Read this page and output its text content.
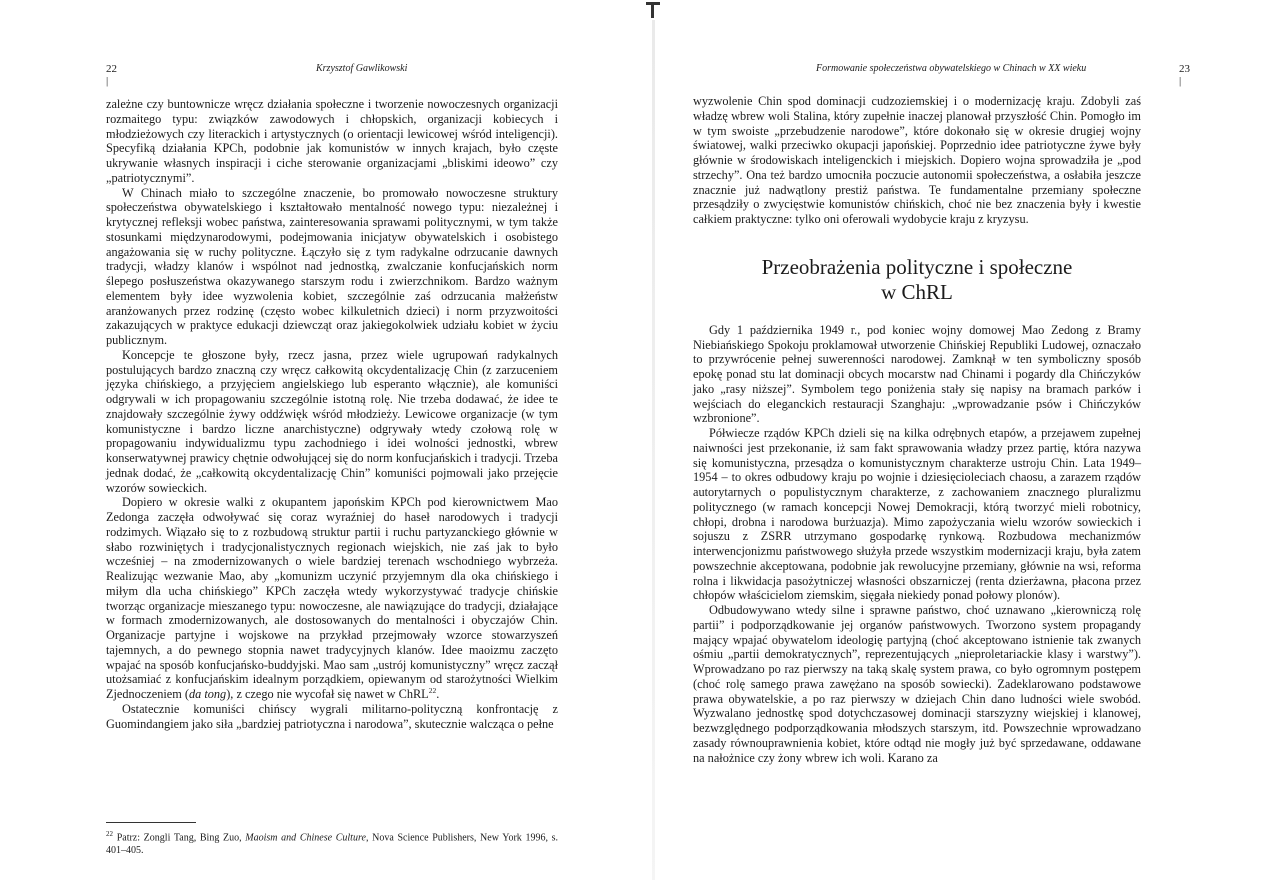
22 |
Krzysztof Gawlikowski

zależne czy buntownicze wręcz działania społeczne i tworzenie nowoczesnych organizacji rozmaitego typu: związków zawodowych i chłopskich, organizacji kobiecych i młodzieżowych czy literackich i artystycznych (o orientacji lewicowej wśród inteligencji). Specyfiką działania KPCh, podobnie jak komunistów w innych krajach, było częste ukrywanie własnych inspiracji i ciche sterowanie organizacjami „bliskimi ideowo” czy „patriotycznymi”.

W Chinach miało to szczególne znaczenie, bo promowało nowoczesne struktury społeczeństwa obywatelskiego i kształtowało mentalność nowego typu: niezależnej i krytycznej refleksji wobec państwa, zainteresowania sprawami politycznymi, w tym także stosunkami międzynarodowymi, podejmowania inicjatyw obywatelskich i osobistego angażowania się w ruchy polityczne. Łączyło się z tym radykalne odrzucanie dawnych tradycji, władzy klanów i wspólnot nad jednostką, zwalczanie konfucjańskich norm ślepego posłuszeństwa okazywanego starszym rodu i zwierzchnikom. Bardzo ważnym elementem były idee wyzwolenia kobiet, szczególnie zaś odrzucania małżeństw aranżowanych przez rodzinę (często wobec kilkuletnich dzieci) i norm przyzwoitości zakazujących w praktyce edukacji dziewcząt oraz jakiegokolwiek udziału kobiet w życiu publicznym.

Koncepcje te głoszone były, rzecz jasna, przez wiele ugrupowań radykalnych postulujących bardzo znaczną czy wręcz całkowitą okcydentalizację Chin (z zarzuceniem języka chińskiego, a przyjęciem angielskiego lub esperanto włącznie), ale komuniści odgrywali w ich propagowaniu szczególnie istotną rolę. Nie trzeba dodawać, że idee te znajdowały szczególnie żywy oddźwięk wśród młodzieży. Lewicowe organizacje (w tym komunistyczne i bardzo liczne anarchistyczne) odgrywały wtedy czołową rolę w propagowaniu indywidualizmu typu zachodniego i idei wolności jednostki, wbrew konserwatywnej prawicy chętnie odwołującej się do norm konfucjańskich i tradycji. Trzeba jednak dodać, że „całkowitą okcydentalizację Chin” komuniści pojmowali jako przejęcie wzorów sowieckich.

Dopiero w okresie walki z okupantem japońskim KPCh pod kierownictwem Mao Zedonga zaczęła odwoływać się coraz wyraźniej do haseł narodowych i tradycji rodzimych. Wiązało się to z rozbudową struktur partii i ruchu partyzanckiego głównie w słabo rozwiniętych i tradycjonalistycznych regionach wiejskich, nie zaś jak to było wcześniej – na zmodernizowanych o wiele bardziej terenach wschodniego wybrzeża. Realizując wezwanie Mao, aby „komunizm uczynić przyjemnym dla oka chińskiego i miłym dla ucha chińskiego” KPCh zaczęła wtedy wykorzystywać tradycje chińskie tworząc organizacje mieszanego typu: nowoczesne, ale nawiązujące do tradycji, działające w formach zmodernizowanych, ale dostosowanych do mentalności i obyczajów Chin. Organizacje partyjne i wojskowe na przykład przejmowały wzorce stowarzyszeń tajemnych, a do pewnego stopnia nawet tradycyjnych klanów. Idee maoizmu zaczęto wpajać na sposób konfucjańsko-buddyjski. Mao sam „ustrój komunistyczny” wręcz zaczął utożsamiać z konfucjańskim idealnym porządkiem, opiewanym od starożytności Wielkim Zjednoczeniem (da tong), z czego nie wycofał się nawet w ChRL$^{22}$.

Ostatecznie komuniści chińscy wygrali militarno-polityczną konfrontację z Guomindangiem jako siła „bardziej patriotyczna i narodowa”, skutecznie walcząca o pełne

$^{22}$ Patrz: Zongli Tang, Bing Zuo, Maoism and Chinese Culture, Nova Science Publishers, New York 1996, s. 401–405.
Formowanie społeczeństwa obywatelskiego w Chinach w XX wieku	23 |

wyzwolenie Chin spod dominacji cudzoziemskiej i o modernizację kraju. Zdobyli zaś władzę wbrew woli Stalina, który zupełnie inaczej planował przyszłość Chin. Pomogło im w tym swoiste „przebudzenie narodowe”, które dokonało się w okresie drugiej wojny światowej, walki przeciwko okupacji japońskiej. Poprzednio idee patriotyczne żywe były głównie w środowiskach inteligenckich i miejskich. Dopiero wojna sprowadziła je „pod strzechy”. Ona też bardzo umocniła poczucie autonomii społeczeństwa, a osłabiła jeszcze znacznie już nadwątlony prestiż państwa. Te fundamentalne przemiany społeczne przesądziły o zwycięstwie komunistów chińskich, choć nie bez znaczenia były i kwestie całkiem praktyczne: tylko oni oferowali wydobycie kraju z kryzysu.

Przeobrażenia polityczne i społeczne
w ChRL

Gdy 1 października 1949 r., pod koniec wojny domowej Mao Zedong z Bramy Niebiańskiego Spokoju proklamował utworzenie Chińskiej Republiki Ludowej, oznaczało to przywrócenie pełnej suwerenności narodowej. Zamknął w ten symboliczny sposób epokę ponad stu lat dominacji obcych mocarstw nad Chinami i pogardy dla Chińczyków jako „rasy niższej”. Symbolem tego poniżenia stały się napisy na bramach parków i wejściach do eleganckich restauracji Szanghaju: „wprowadzanie psów i Chińczyków wzbronione”.

Półwiecze rządów KPCh dzieli się na kilka odrębnych etapów, a przejawem zupełnej naiwności jest przekonanie, iż sam fakt sprawowania władzy przez partię, która nazywa się komunistyczna, przesądza o komunistycznym charakterze ustroju Chin. Lata 1949–1954 – to okres odbudowy kraju po wojnie i dziesięcioleciach chaosu, a zarazem rządów autorytarnych o populistycznym charakterze, z zachowaniem znacznego pluralizmu politycznego (w ramach koncepcji Nowej Demokracji, którą tworzyć mieli robotnicy, chłopi, drobna i narodowa burżuazja). Mimo zapożyczania wielu wzorów sowieckich i sojuszu z ZSRR utrzymano gospodarkę rynkową. Rozbudowa mechanizmów interwencjonizmu państwowego służyła przede wszystkim modernizacji kraju, była zatem powszechnie akceptowana, podobnie jak rewolucyjne przemiany, głównie na wsi, reforma rolna i likwidacja pasożytniczej własności obszarniczej (renta dzierżawna, płacona przez chłopów właścicielom ziemskim, sięgała niekiedy ponad połowy plonów).

Odbudowywano wtedy silne i sprawne państwo, choć uznawano „kierowniczą rolę partii” i podporządkowanie jej organów państwowych. Tworzono system propagandy mający wpajać obywatelom ideologię partyjną (choć akceptowano istnienie tak zwanych ośmiu „partii demokratycznych”, reprezentujących „nieproletariackie klasy i warstwy”). Wprowadzano po raz pierwszy na taką skalę system prawa, co było ogromnym postępem (choć rolę samego prawa zawężano na sposób sowiecki). Zadeklarowano podstawowe prawa obywatelskie, a po raz pierwszy w dziejach Chin dano ludności wiele swobód. Wyzwalano jednostkę spod dotychczasowej dominacji starszyzny wiejskiej i klanowej, bezwzględnego podporządkowania młodszych starszym, itd. Powszechnie wprowadzano zasady równouprawnienia kobiet, które odtąd nie mogły już być sprzedawane, oddawane na nałożnice czy żony wbrew ich woli. Karano za
